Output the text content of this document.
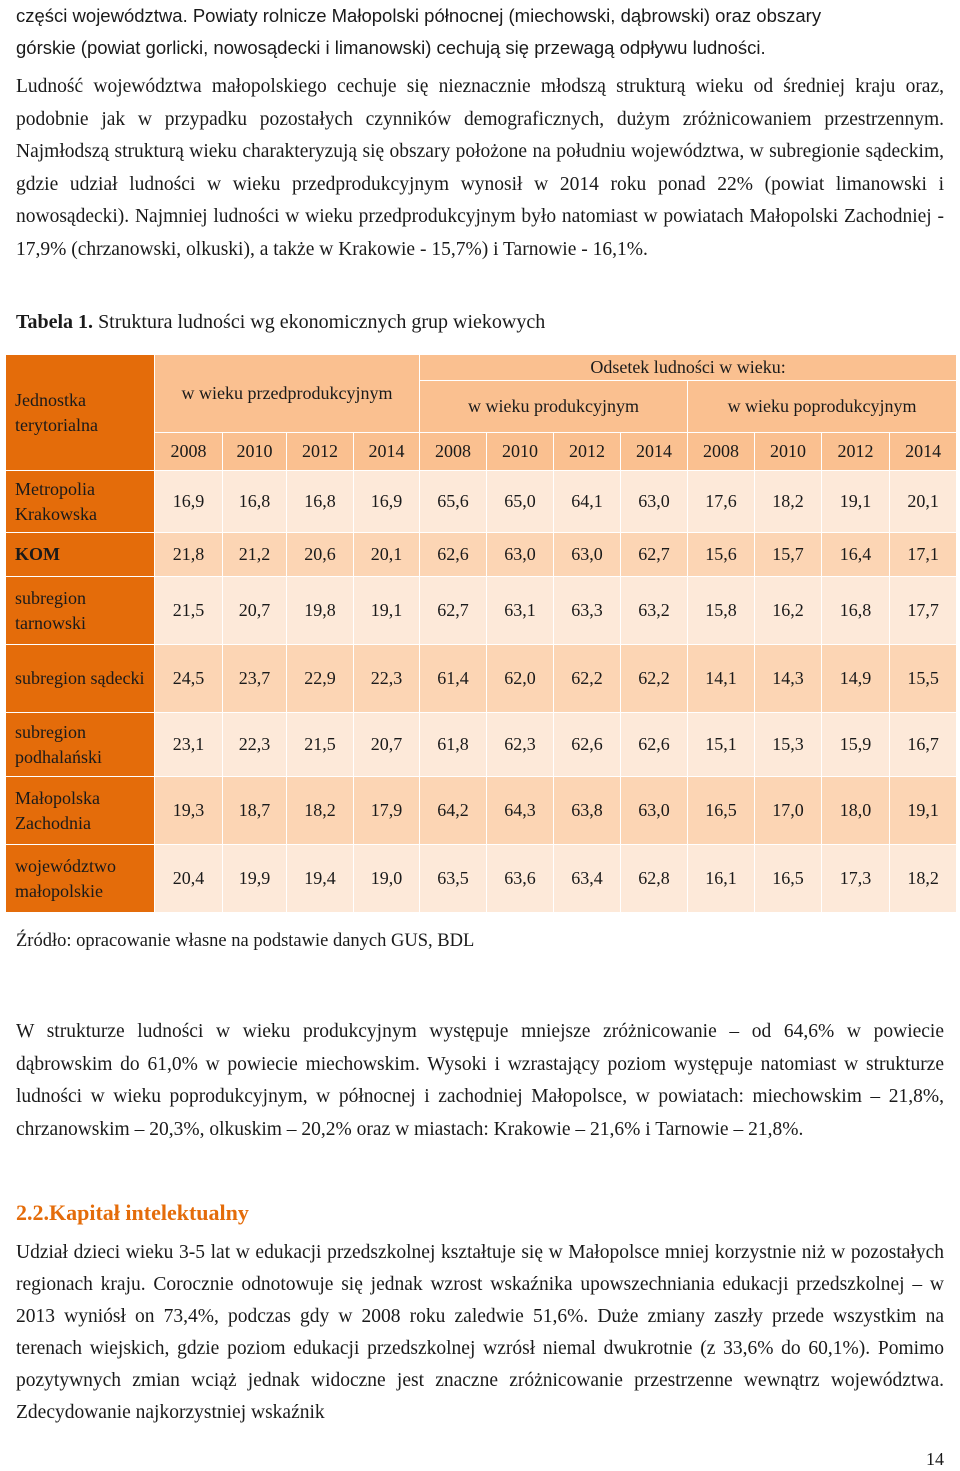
części województwa. Powiaty rolnicze Małopolski północnej (miechowski, dąbrowski) oraz obszary
górskie (powiat gorlicki, nowosądecki i limanowski) cechują się przewagą odpływu ludności.

Ludność województwa małopolskiego cechuje się nieznacznie młodszą strukturą wieku od średniej kraju oraz, podobnie jak w przypadku pozostałych czynników demograficznych, dużym zróżnicowaniem przestrzennym. Najmłodszą strukturą wieku charakteryzują się obszary położone na południu województwa, w subregionie sądeckim, gdzie udział ludności w wieku przedprodukcyjnym wynosił w 2014 roku ponad 22% (powiat limanowski i nowosądecki). Najmniej ludności w wieku przedprodukcyjnym było natomiast w powiatach Małopolski Zachodniej - 17,9% (chrzanowski, olkuski), a także w Krakowie - 15,7%) i Tarnowie - 16,1%.

Tabela 1. Struktura ludności wg ekonomicznych grup wiekowych

Jednostka terytorialna	w wieku przedprodukcyjnym				Odsetek ludności w wieku:							
					w wieku produkcyjnym				w wieku poprodukcyjnym			
	2008	2010	2012	2014	2008	2010	2012	2014	2008	2010	2012	2014
Metropolia Krakowska	16,9	16,8	16,8	16,9	65,6	65,0	64,1	63,0	17,6	18,2	19,1	20,1
KOM	21,8	21,2	20,6	20,1	62,6	63,0	63,0	62,7	15,6	15,7	16,4	17,1
subregion tarnowski	21,5	20,7	19,8	19,1	62,7	63,1	63,3	63,2	15,8	16,2	16,8	17,7
subregion sądecki	24,5	23,7	22,9	22,3	61,4	62,0	62,2	62,2	14,1	14,3	14,9	15,5
subregion podhalański	23,1	22,3	21,5	20,7	61,8	62,3	62,6	62,6	15,1	15,3	15,9	16,7
Małopolska Zachodnia	19,3	18,7	18,2	17,9	64,2	64,3	63,8	63,0	16,5	17,0	18,0	19,1
województwo małopolskie	20,4	19,9	19,4	19,0	63,5	63,6	63,4	62,8	16,1	16,5	17,3	18,2

Źródło: opracowanie własne na podstawie danych GUS, BDL

W strukturze ludności w wieku produkcyjnym występuje mniejsze zróżnicowanie – od 64,6% w powiecie dąbrowskim do 61,0% w powiecie miechowskim. Wysoki i wzrastający poziom występuje natomiast w strukturze ludności w wieku poprodukcyjnym, w północnej i zachodniej Małopolsce, w powiatach: miechowskim – 21,8%, chrzanowskim – 20,3%, olkuskim – 20,2% oraz w miastach: Krakowie – 21,6% i Tarnowie – 21,8%.

2.2.Kapitał intelektualny

Udział dzieci wieku 3-5 lat w edukacji przedszkolnej kształtuje się w Małopolsce mniej korzystnie niż w pozostałych regionach kraju. Corocznie odnotowuje się jednak wzrost wskaźnika upowszechniania edukacji przedszkolnej – w 2013 wyniósł on 73,4%, podczas gdy w 2008 roku zaledwie 51,6%. Duże zmiany zaszły przede wszystkim na terenach wiejskich, gdzie poziom edukacji przedszkolnej wzrósł niemal dwukrotnie (z 33,6% do 60,1%). Pomimo pozytywnych zmian wciąż jednak widoczne jest znaczne zróżnicowanie przestrzenne wewnątrz województwa. Zdecydowanie najkorzystniej wskaźnik

14
